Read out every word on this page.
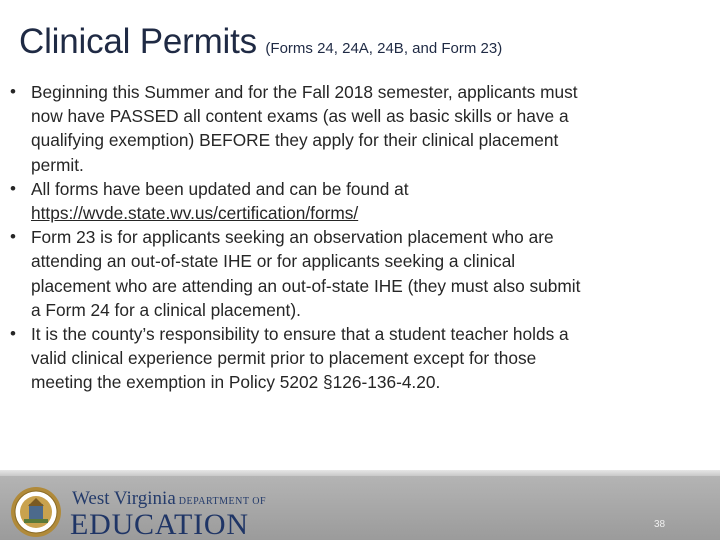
Clinical Permits (Forms 24, 24A, 24B, and Form 23)
• Beginning this Summer and for the Fall 2018 semester, applicants must
now have PASSED all content exams (as well as basic skills or have a
qualifying exemption) BEFORE they apply for their clinical placement
permit.
• All forms have been updated and can be found at
https://wvde.state.wv.us/certification/forms/
• Form 23 is for applicants seeking an observation placement who are
attending an out-of-state IHE or for applicants seeking a clinical
placement who are attending an out-of-state IHE (they must also submit
a Form 24 for a clinical placement).
• It is the county’s responsibility to ensure that a student teacher holds a
valid clinical experience permit prior to placement except for those
meeting the exemption in Policy 5202 §126-136-4.20.
West Virginia DEPARTMENT OF
EDUCATION	38
